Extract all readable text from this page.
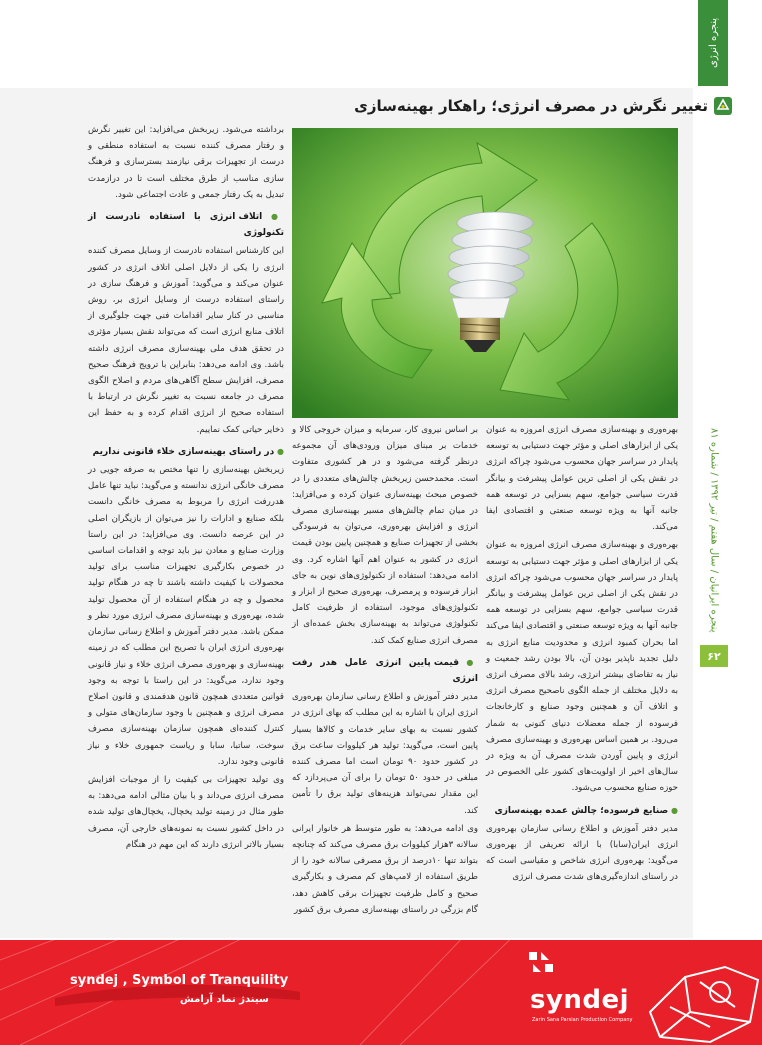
پنجره انرژی
پنجره ایرانیان / سال هفتم / تیر ۱۳۹۲ / شماره ۸۱
۶۲
تغییر نگرش در مصرف انرژی؛ راهکار بهینه‌سازی

برداشته می‌شود. زیربخش می‌افزاید: این تغییر نگرش و رفتار مصرف کننده نسبت به استفاده منطقی و درست از تجهیزات برقی نیازمند بسترسازی و فرهنگ سازی مناسب از طرق مختلف است تا در درازمدت تبدیل به یک رفتار جمعی و عادت اجتماعی شود.

● اتلاف انرژی با استفاده نادرست از تکنولوژی

این کارشناس استفاده نادرست از وسایل مصرف کننده انرژی را یکی از دلایل اصلی اتلاف انرژی در کشور عنوان می‌کند و می‌گوید: آموزش و فرهنگ سازی در راستای استفاده درست از وسایل انرژی بر، روش مناسبی در کنار سایر اقدامات فنی جهت جلوگیری از اتلاف منابع انرژی است که می‌تواند نقش بسیار مؤثری در تحقق هدف ملی بهینه‌سازی مصرف انرژی داشته باشد. وی ادامه می‌دهد: بنابراین با ترویج فرهنگ صحیح مصرف، افزایش سطح آگاهی‌های مردم و اصلاح الگوی مصرف در جامعه نسبت به تغییر نگرش در ارتباط با استفاده صحیح از انرژی اقدام کرده و به حفظ این ذخایر حیاتی کمک نماییم.

● در راستای بهینه‌سازی خلاء قانونی نداریم

زیربخش بهینه‌سازی را تنها مختص به صرفه جویی در مصرف خانگی انرژی ندانسته و می‌گوید: نباید تنها عامل هدررفت انرژی را مربوط به مصرف خانگی دانست بلکه صنایع و ادارات را نیز می‌توان از بازیگران اصلی در این عرصه دانست. وی می‌افزاید: در این راستا وزارت صنایع و معادن نیز باید توجه و اقدامات اساسی در خصوص بکارگیری تجهیزات مناسب برای تولید محصولات با کیفیت داشته باشند تا چه در هنگام تولید محصول و چه در هنگام استفاده از آن محصول تولید شده، بهره‌وری و بهینه‌سازی مصرف انرژی مورد نظر و ممکن باشد. مدیر دفتر آموزش و اطلاع رسانی سازمان بهره‌وری انرژی ایران با تصریح این مطلب که در زمینه بهینه‌سازی و بهره‌وری مصرف انرژی خلاء و نیاز قانونی وجود ندارد، می‌گوید: در این راستا با توجه به وجود قوانین متعددی همچون قانون هدفمندی و قانون اصلاح مصرف انرژی و همچنین با وجود سازمان‌های متولی و کنترل کننده‌ای همچون سازمان بهینه‌سازی مصرف سوخت، ساتبا، سابا و ریاست جمهوری خلاء و نیاز قانونی وجود ندارد.

وی تولید تجهیزات بی کیفیت را از موجبات افزایش مصرف انرژی می‌داند و با بیان مثالی ادامه می‌دهد: به طور مثال در زمینه تولید یخچال، یخچال‌های تولید شده در داخل کشور نسبت به نمونه‌های خارجی آن، مصرف بسیار بالاتر انرژی دارند که این مهم در هنگام

بر اساس نیروی کار، سرمایه و میزان خروجی کالا و خدمات بر مبنای میزان ورودی‌های آن مجموعه درنظر گرفته می‌شود و در هر کشوری متفاوت است. محمدحسن زیربخش چالش‌های متعددی را در خصوص مبحث بهینه‌سازی عنوان کرده و می‌افزاید: در میان تمام چالش‌های مسیر بهینه‌سازی مصرف انرژی و افزایش بهره‌وری، می‌توان به فرسودگی بخشی از تجهیزات صنایع و همچنین پایین بودن قیمت انرژی در کشور به عنوان اهم آنها اشاره کرد. وی ادامه می‌دهد: استفاده از تکنولوژی‌های نوین به جای ابزار فرسوده و پرمصرف، بهره‌وری صحیح از ابزار و تکنولوژی‌های موجود، استفاده از ظرفیت کامل تکنولوژی می‌تواند به بهینه‌سازی بخش عمده‌ای از مصرف انرژی صنایع کمک کند.

● قیمت پایین انرژی عامل هدر رفت انرژی

مدیر دفتر آموزش و اطلاع رسانی سازمان بهره‌وری انرژی ایران با اشاره به این مطلب که بهای انرژی در کشور نسبت به بهای سایر خدمات و کالاها بسیار پایین است، می‌گوید: تولید هر کیلووات ساعت برق در کشور حدود ۹۰ تومان است اما مصرف کننده مبلغی در حدود ۵۰ تومان را برای آن می‌پردازد که این مقدار نمی‌تواند هزینه‌های تولید برق را تأمین کند.

وی ادامه می‌دهد: به طور متوسط هر خانوار ایرانی سالانه ۳هزار کیلووات برق مصرف می‌کند که چنانچه بتواند تنها ۱۰درصد از برق مصرفی سالانه خود را از طریق استفاده از لامپ‌های کم مصرف و بکارگیری صحیح و کامل ظرفیت تجهیزات برقی کاهش دهد، گام بزرگی در راستای بهینه‌سازی مصرف برق کشور

بهره‌وری و بهینه‌سازی مصرف انرژی امروزه به عنوان یکی از ابزارهای اصلی و مؤثر جهت دستیابی به توسعه پایدار در سراسر جهان محسوب می‌شود چراکه انرژی در نقش یکی از اصلی ترین عوامل پیشرفت و بیانگر قدرت سیاسی جوامع، سهم بسزایی در توسعه همه جانبه آنها به ویژه توسعه صنعتی و اقتصادی ایفا می‌کند.

بهره‌وری و بهینه‌سازی مصرف انرژی امروزه به عنوان یکی از ابزارهای اصلی و مؤثر جهت دستیابی به توسعه پایدار در سراسر جهان محسوب می‌شود چراکه انرژی در نقش یکی از اصلی ترین عوامل پیشرفت و بیانگر قدرت سیاسی جوامع، سهم بسزایی در توسعه همه جانبه آنها به ویژه توسعه صنعتی و اقتصادی ایفا می‌کند اما بحران کمبود انرژی و محدودیت منابع انرژی به دلیل تجدید ناپذیر بودن آن، بالا بودن رشد جمعیت و نیاز به تقاضای بیشتر انرژی، رشد بالای مصرف انرژی به دلایل مختلف از جمله الگوی ناصحیح مصرف انرژی و اتلاف آن و همچنین وجود صنایع و کارخانجات فرسوده از جمله معضلات دنیای کنونی به شمار می‌رود. بر همین اساس بهره‌وری و بهینه‌سازی مصرف انرژی و پایین آوردن شدت مصرف آن به ویژه در سال‌های اخیر از اولویت‌های کشور علی الخصوص در حوزه صنایع محسوب می‌شود.

● صنایع فرسوده؛ چالش عمده بهینه‌سازی

مدیر دفتر آموزش و اطلاع رسانی سازمان بهره‌وری انرژی ایران(سابا) با ارائه تعریفی از بهره‌وری می‌گوید: بهره‌وری انرژی شاخص و مقیاسی است که در راستای اندازه‌گیری‌های شدت مصرف انرژی

syndej , Symbol of Tranquility
سیندژ نماد آرامش	syndej
Zarin Sana Parsian Production Company
